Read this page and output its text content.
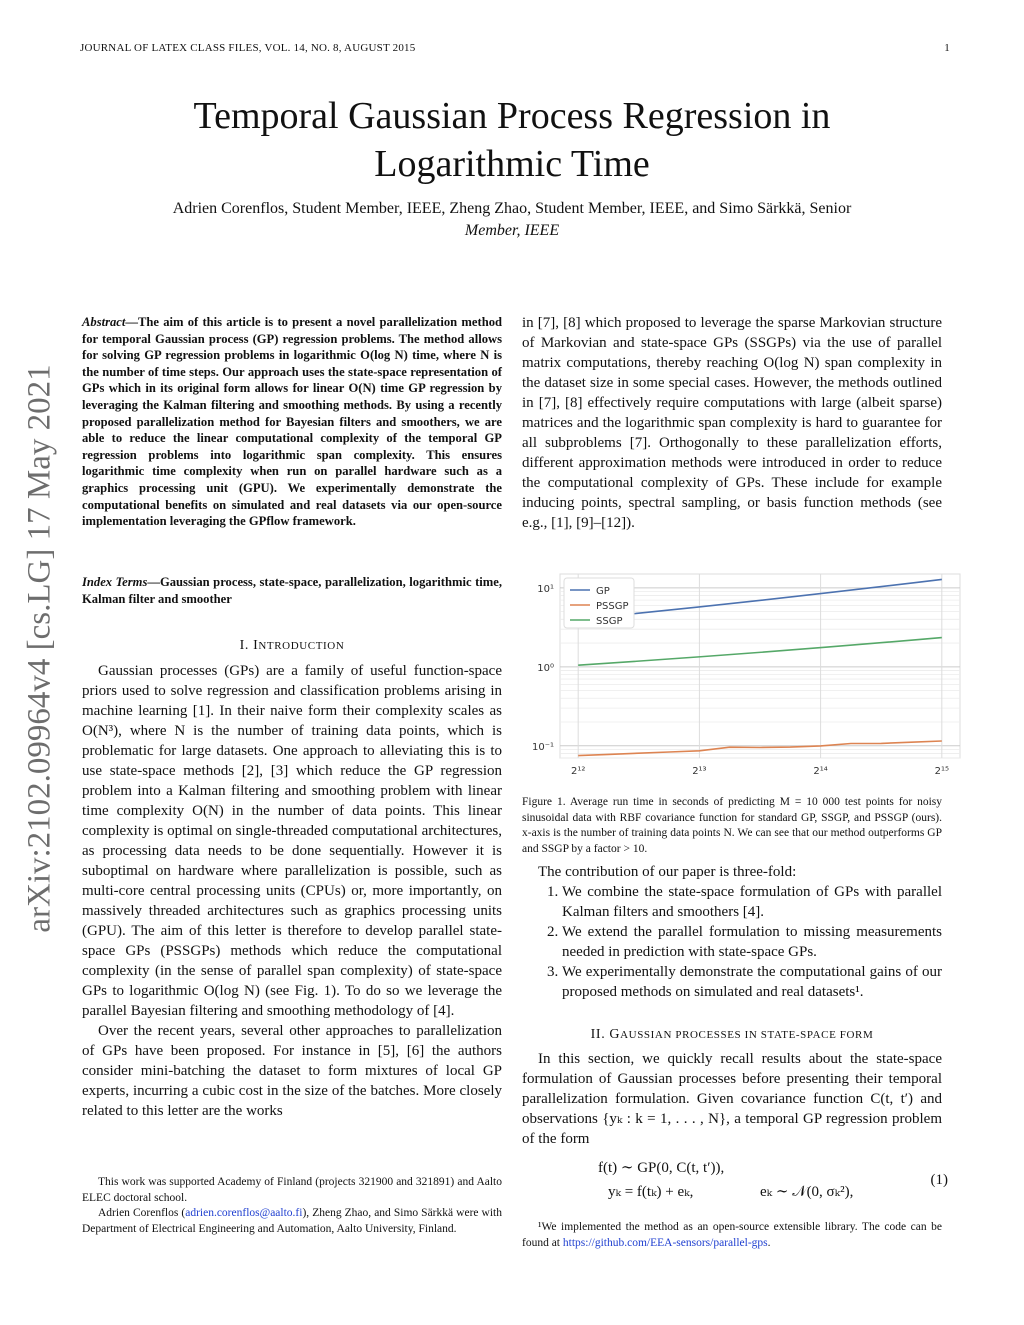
JOURNAL OF LATEX CLASS FILES, VOL. 14, NO. 8, AUGUST 2015	1
Temporal Gaussian Process Regression in
Logarithmic Time
Adrien Corenflos, Student Member, IEEE, Zheng Zhao, Student Member, IEEE, and Simo Särkkä, Senior
Member, IEEE
arXiv:2102.09964v4 [cs.LG] 17 May 2021
Abstract—The aim of this article is to present a novel parallelization method for temporal Gaussian process (GP) regression problems. The method allows for solving GP regression problems in logarithmic O(log N) time, where N is the number of time steps. Our approach uses the state-space representation of GPs which in its original form allows for linear O(N) time GP regression by leveraging the Kalman filtering and smoothing methods. By using a recently proposed parallelization method for Bayesian filters and smoothers, we are able to reduce the linear computational complexity of the temporal GP regression problems into logarithmic span complexity. This ensures logarithmic time complexity when run on parallel hardware such as a graphics processing unit (GPU). We experimentally demonstrate the computational benefits on simulated and real datasets via our open-source implementation leveraging the GPflow framework.
Index Terms—Gaussian process, state-space, parallelization, logarithmic time, Kalman filter and smoother
I. INTRODUCTION

Gaussian processes (GPs) are a family of useful function-space priors used to solve regression and classification problems arising in machine learning [1]. In their naive form their complexity scales as O(N³), where N is the number of training data points, which is problematic for large datasets. One approach to alleviating this is to use state-space methods [2], [3] which reduce the GP regression problem into a Kalman filtering and smoothing problem with linear time complexity O(N) in the number of data points. This linear complexity is optimal on single-threaded computational architectures, as processing data needs to be done sequentially. However it is suboptimal on hardware where parallelization is possible, such as multi-core central processing units (CPUs) or, more importantly, on massively threaded architectures such as graphics processing units (GPU). The aim of this letter is therefore to develop parallel state-space GPs (PSSGPs) methods which reduce the computational complexity (in the sense of parallel span complexity) of state-space GPs to logarithmic O(log N) (see Fig. 1). To do so we leverage the parallel Bayesian filtering and smoothing methodology of [4].

Over the recent years, several other approaches to parallelization of GPs have been proposed. For instance in [5], [6] the authors consider mini-batching the dataset to form mixtures of local GP experts, incurring a cubic cost in the size of the batches. More closely related to this letter are the works

This work was supported Academy of Finland (projects 321900 and 321891) and Aalto ELEC doctoral school.

Adrien Corenflos (adrien.corenflos@aalto.fi), Zheng Zhao, and Simo Särkkä were with Department of Electrical Engineering and Automation, Aalto University, Finland.

in [7], [8] which proposed to leverage the sparse Markovian structure of Markovian and state-space GPs (SSGPs) via the use of parallel matrix computations, thereby reaching O(log N) span complexity in the dataset size in some special cases. However, the methods outlined in [7], [8] effectively require computations with large (albeit sparse) matrices and the logarithmic span complexity is hard to guarantee for all subproblems [7]. Orthogonally to these parallelization efforts, different approximation methods were introduced in order to reduce the computational complexity of GPs. These include for example inducing points, spectral sampling, or basis function methods (see e.g., [1], [9]–[12]).

10¹
10⁰
10⁻¹
2¹²	2¹³	2¹⁴	2¹⁵
GP
PSSGP
SSGP
Figure 1. Average run time in seconds of predicting M = 10 000 test points for noisy sinusoidal data with RBF covariance function for standard GP, SSGP, and PSSGP (ours). x-axis is the number of training data points N. We can see that our method outperforms GP and SSGP by a factor > 10.

The contribution of our paper is three-fold:

1. We combine the state-space formulation of GPs with parallel Kalman filters and smoothers [4].
2. We extend the parallel formulation to missing measurements needed in prediction with state-space GPs.
3. We experimentally demonstrate the computational gains of our proposed methods on simulated and real datasets¹.
II. GAUSSIAN PROCESSES IN STATE-SPACE FORM

In this section, we quickly recall results about the state-space formulation of Gaussian processes before presenting their temporal parallelization formulation. Given covariance function C(t, t′) and observations {yₖ : k = 1, . . . , N}, a temporal GP regression problem of the form

f(t) ∼ GP(0, C(t, t′)),
yₖ = f(tₖ) + eₖ,	eₖ ∼ 𝒩(0, σₖ²),
(1)

¹We implemented the method as an open-source extensible library. The code can be found at https://github.com/EEA-sensors/parallel-gps.
